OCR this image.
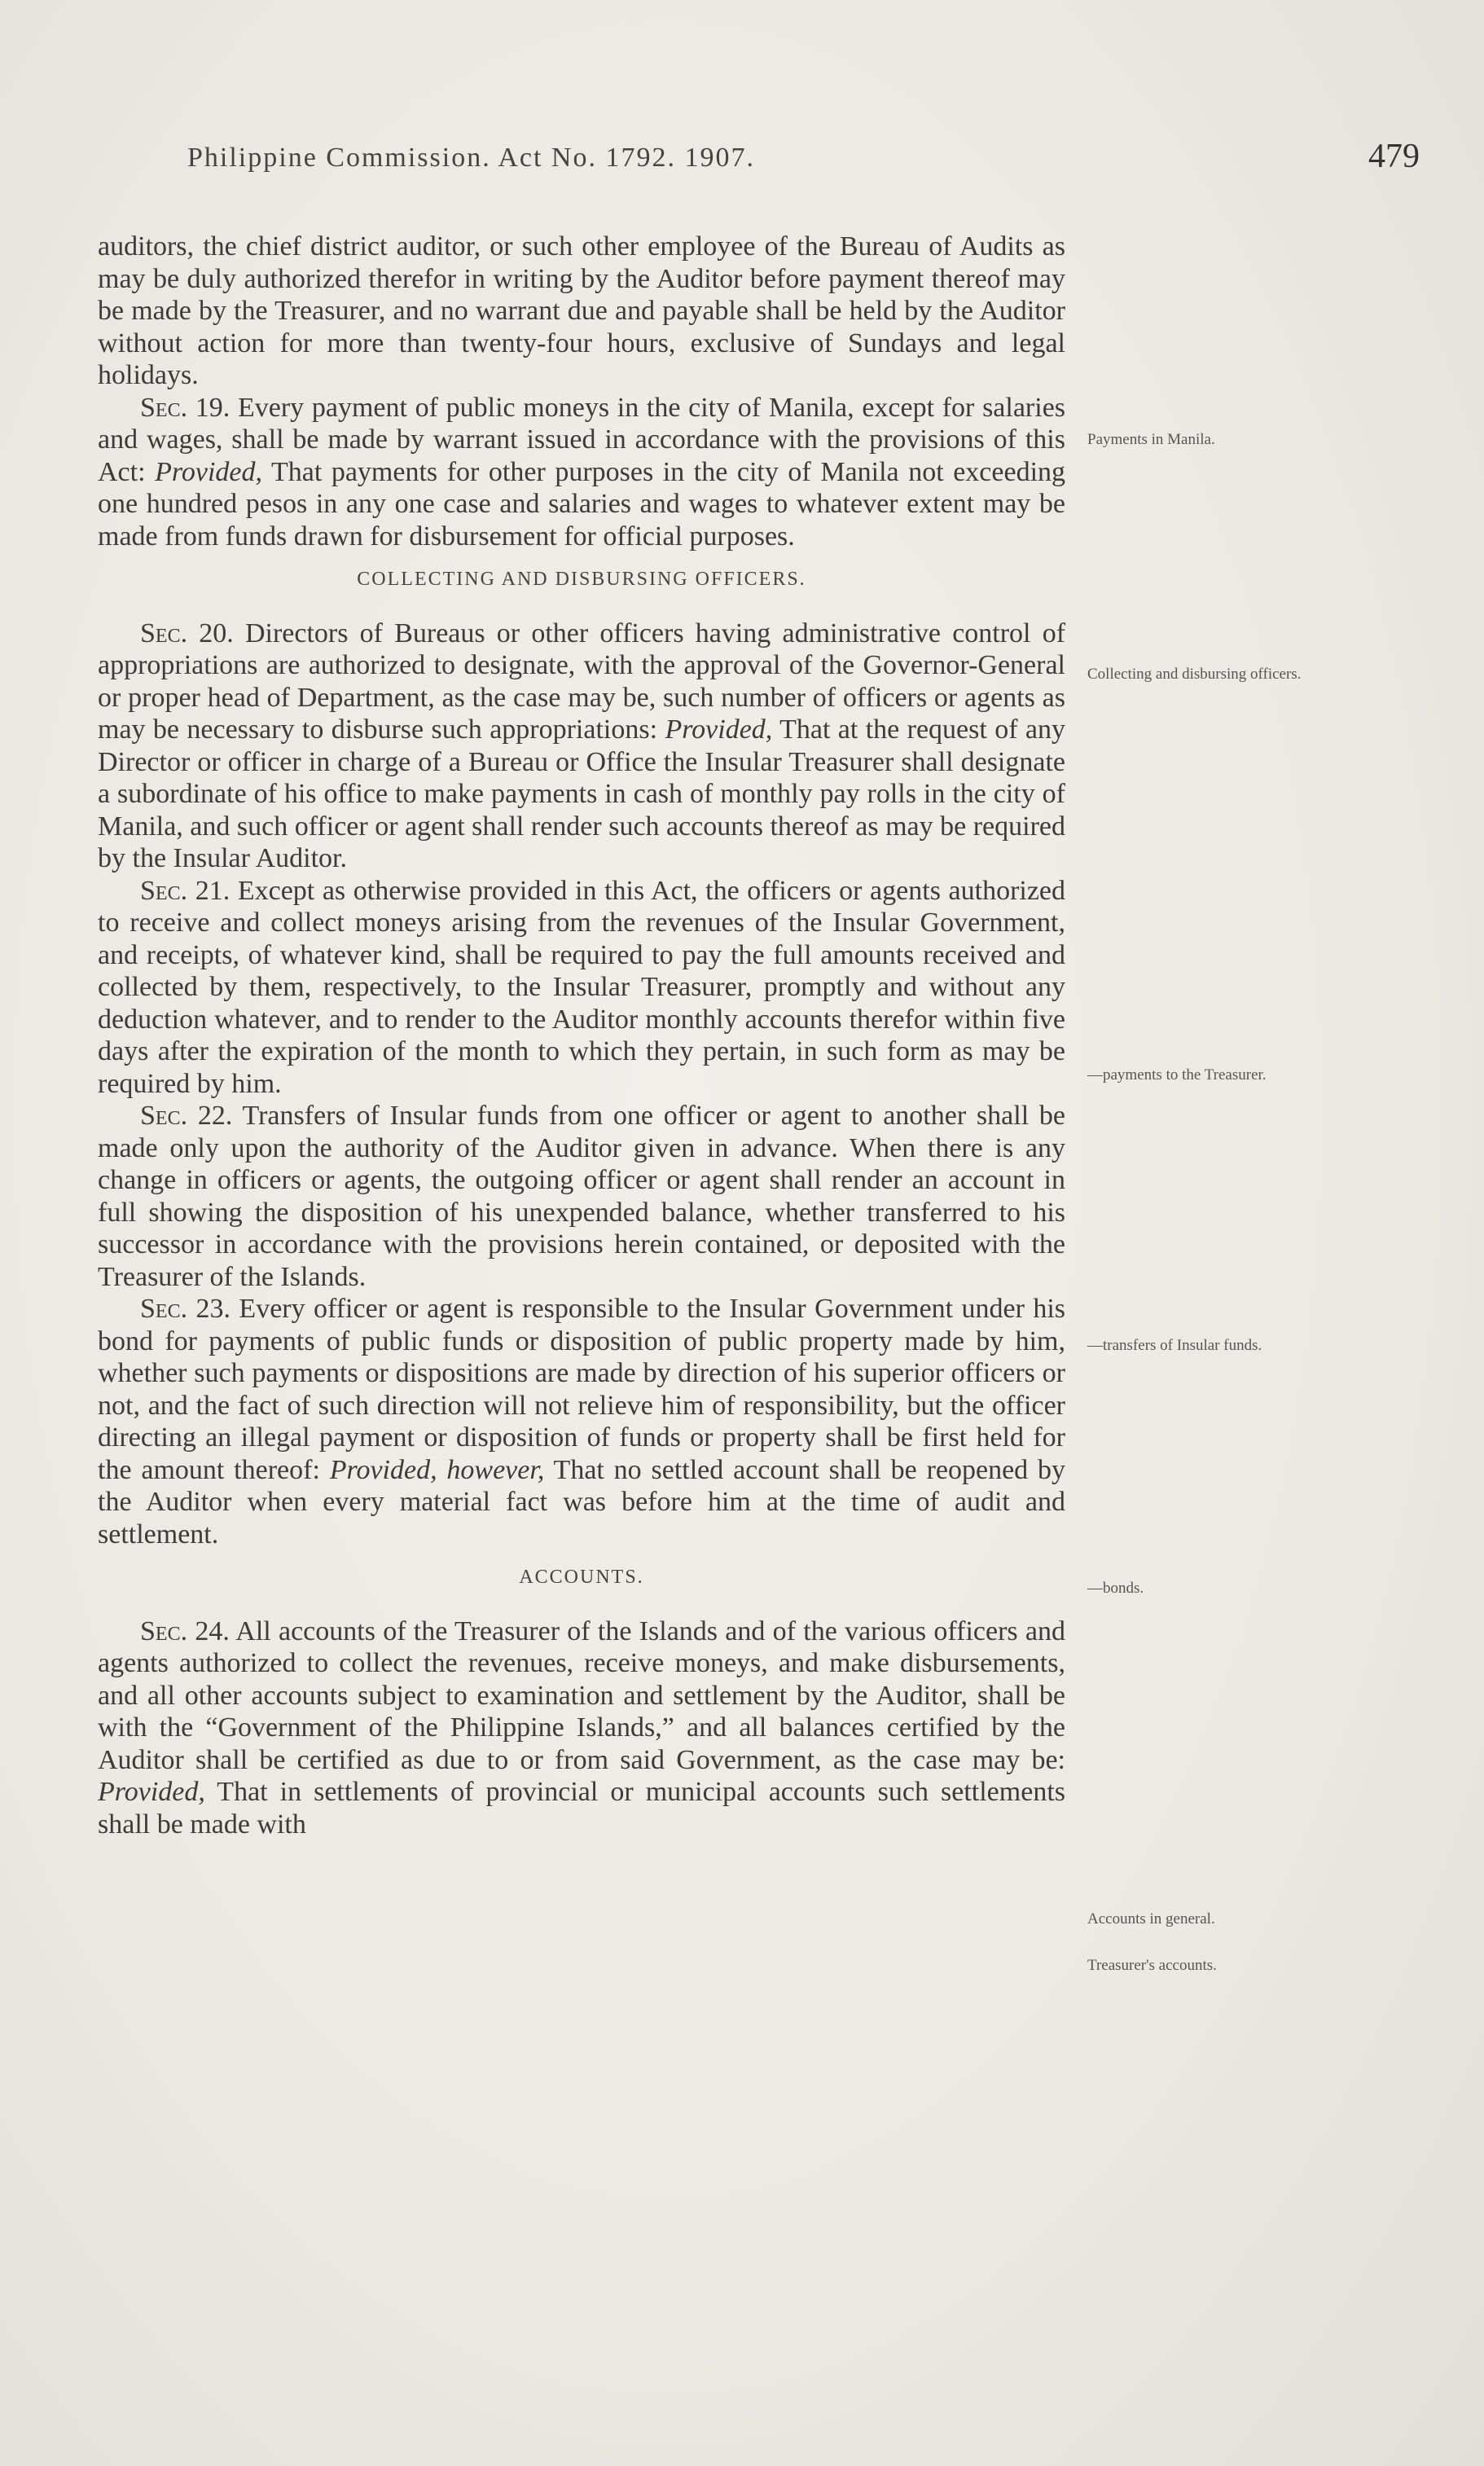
Philippine Commission. Act No. 1792. 1907.	479

auditors, the chief district auditor, or such other employee of the Bureau of Audits as may be duly authorized therefor in writing by the Auditor before payment thereof may be made by the Treasurer, and no warrant due and payable shall be held by the Auditor without action for more than twenty-four hours, exclusive of Sundays and legal holidays.

Sec. 19. Every payment of public moneys in the city of Manila, except for salaries and wages, shall be made by warrant issued in accordance with the provisions of this Act: Provided, That payments for other purposes in the city of Manila not exceeding one hundred pesos in any one case and salaries and wages to whatever extent may be made from funds drawn for disbursement for official purposes.

COLLECTING AND DISBURSING OFFICERS.

Sec. 20. Directors of Bureaus or other officers having administrative control of appropriations are authorized to designate, with the approval of the Governor-General or proper head of Department, as the case may be, such number of officers or agents as may be necessary to disburse such appropriations: Provided, That at the request of any Director or officer in charge of a Bureau or Office the Insular Treasurer shall designate a subordinate of his office to make payments in cash of monthly pay rolls in the city of Manila, and such officer or agent shall render such accounts thereof as may be required by the Insular Auditor.

Sec. 21. Except as otherwise provided in this Act, the officers or agents authorized to receive and collect moneys arising from the revenues of the Insular Government, and receipts, of whatever kind, shall be required to pay the full amounts received and collected by them, respectively, to the Insular Treasurer, promptly and without any deduction whatever, and to render to the Auditor monthly accounts therefor within five days after the expiration of the month to which they pertain, in such form as may be required by him.

Sec. 22. Transfers of Insular funds from one officer or agent to another shall be made only upon the authority of the Auditor given in advance. When there is any change in officers or agents, the outgoing officer or agent shall render an account in full showing the disposition of his unexpended balance, whether transferred to his successor in accordance with the provisions herein contained, or deposited with the Treasurer of the Islands.

Sec. 23. Every officer or agent is responsible to the Insular Government under his bond for payments of public funds or disposition of public property made by him, whether such payments or dispositions are made by direction of his superior officers or not, and the fact of such direction will not relieve him of responsibility, but the officer directing an illegal payment or disposition of funds or property shall be first held for the amount thereof: Provided, however, That no settled account shall be reopened by the Auditor when every material fact was before him at the time of audit and settlement.

ACCOUNTS.

Sec. 24. All accounts of the Treasurer of the Islands and of the various officers and agents authorized to collect the revenues, receive moneys, and make disbursements, and all other accounts subject to examination and settlement by the Auditor, shall be with the “Government of the Philippine Islands,” and all balances certified by the Auditor shall be certified as due to or from said Government, as the case may be: Provided, That in settlements of provincial or municipal accounts such settlements shall be made with

Payments in Manila.
Collecting and disbursing officers.
—payments to the Treasurer.
—transfers of Insular funds.
—bonds.
Accounts in general.
Treasurer's accounts.
